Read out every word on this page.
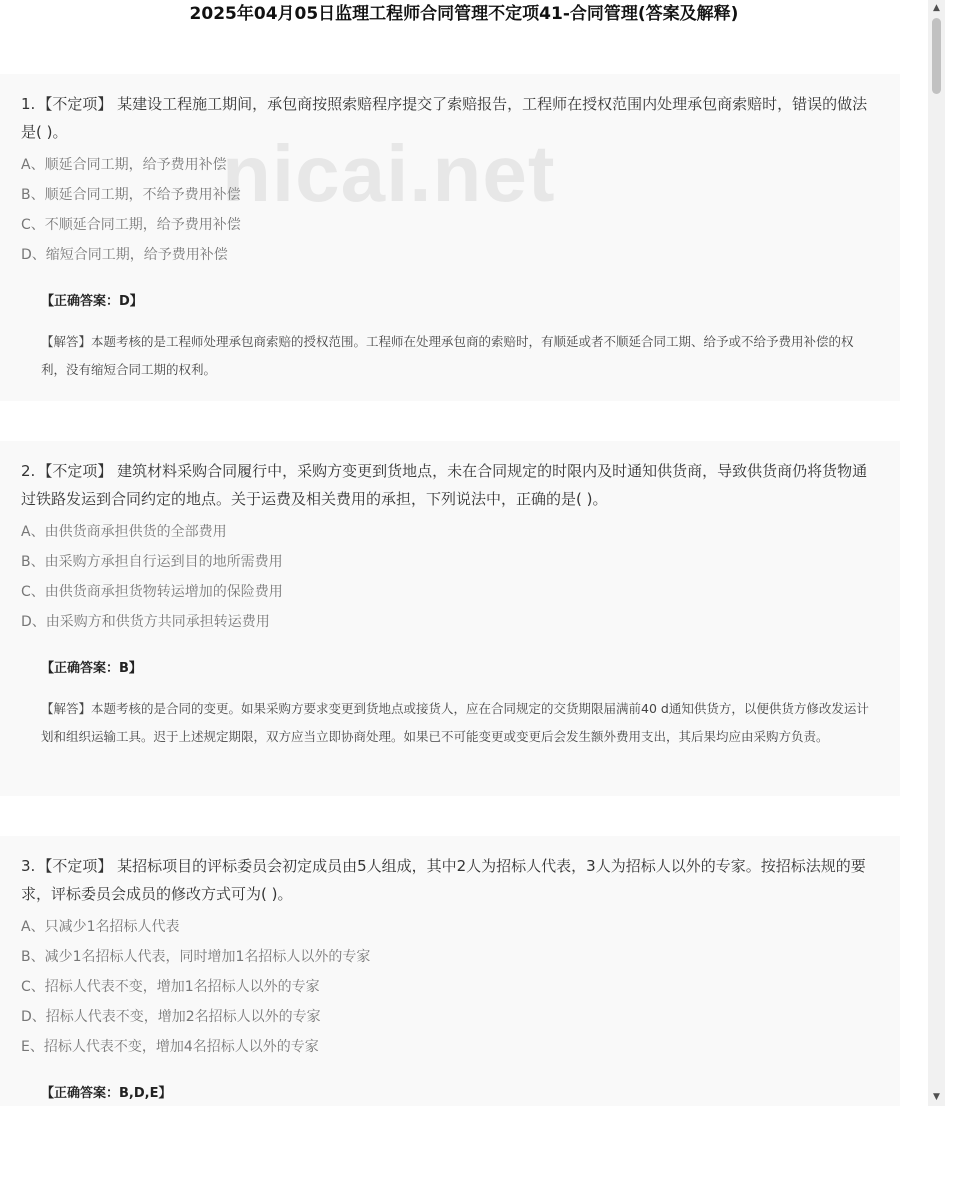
2025年04月05日监理工程师合同管理不定项41-合同管理(答案及解释)
nicai.net

1. 【不定项】 某建设工程施工期间，承包商按照索赔程序提交了索赔报告，工程师在授权范围内处理承包商索赔时，错误的做法是( )。

A、顺延合同工期，给予费用补偿
B、顺延合同工期，不给予费用补偿
C、不顺延合同工期，给予费用补偿
D、缩短合同工期，给予费用补偿
【正确答案：D】
【解答】本题考核的是工程师处理承包商索赔的授权范围。工程师在处理承包商的索赔时，有顺延或者不顺延合同工期、给予或不给予费用补偿的权利，没有缩短合同工期的权利。

2. 【不定项】 建筑材料采购合同履行中，采购方变更到货地点，未在合同规定的时限内及时通知供货商，导致供货商仍将货物通过铁路发运到合同约定的地点。关于运费及相关费用的承担，下列说法中，正确的是( )。

A、由供货商承担供货的全部费用
B、由采购方承担自行运到目的地所需费用
C、由供货商承担货物转运增加的保险费用
D、由采购方和供货方共同承担转运费用
【正确答案：B】
【解答】本题考核的是合同的变更。如果采购方要求变更到货地点或接货人，应在合同规定的交货期限届满前40 d通知供货方，以便供货方修改发运计划和组织运输工具。迟于上述规定期限，双方应当立即协商处理。如果已不可能变更或变更后会发生额外费用支出，其后果均应由采购方负责。

3. 【不定项】 某招标项目的评标委员会初定成员由5人组成，其中2人为招标人代表，3人为招标人以外的专家。按招标法规的要求，评标委员会成员的修改方式可为( )。

A、只减少1名招标人代表
B、减少1名招标人代表，同时增加1名招标人以外的专家
C、招标人代表不变，增加1名招标人以外的专家
D、招标人代表不变，增加2名招标人以外的专家
E、招标人代表不变，增加4名招标人以外的专家
【正确答案：B,D,E】
▲
▼
